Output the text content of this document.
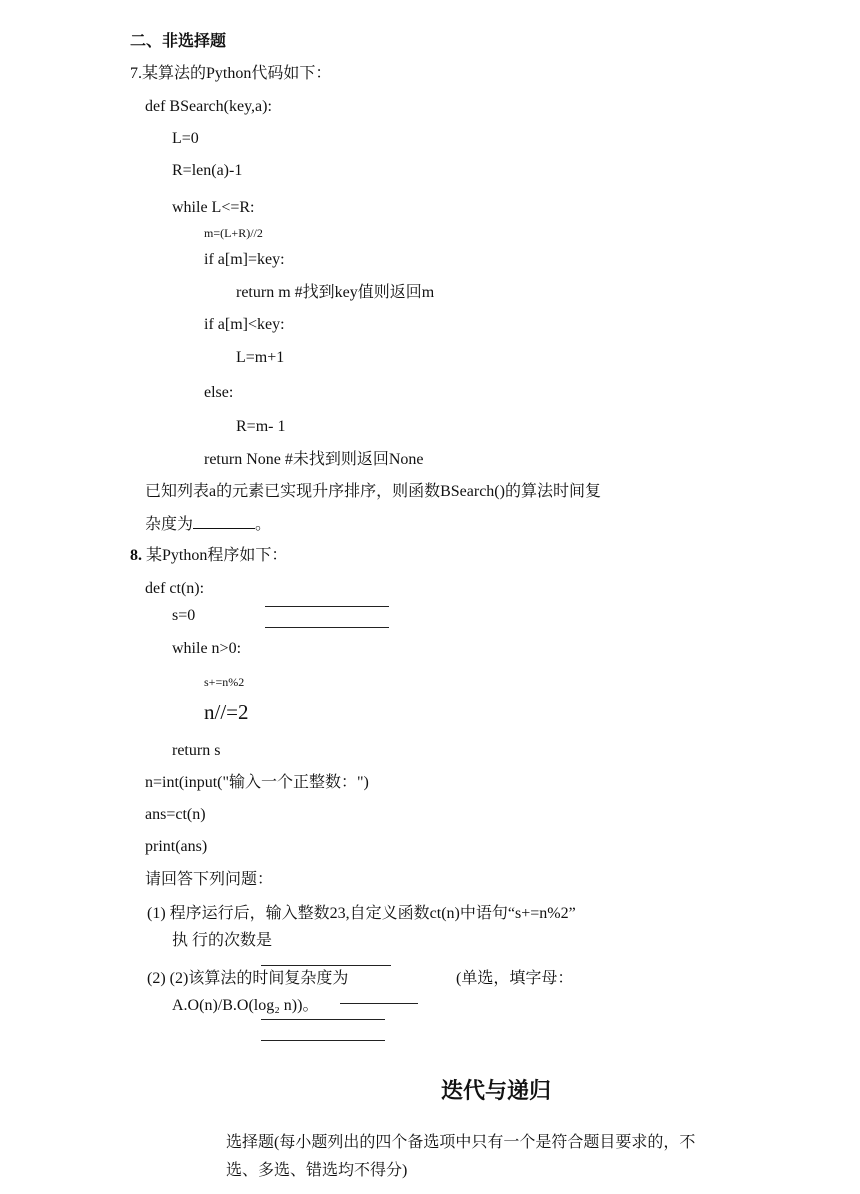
二、非选择题
7.某算法的Python代码如下：
def BSearch(key,a):
L=0
R=len(a)-1
while L<=R:
m=(L+R)//2
if a[m]=key:
return m #找到key值则返回m
if a[m]<key:
L=m+1
else:
R=m- 1
return None #未找到则返回None
已知列表a的元素已实现升序排序，则函数BSearch()的算法时间复
杂度为	。
8. 某Python程序如下：
def ct(n):
s=0
while n>0:
s+=n%2
n//=2
return s
n=int(input("输入一个正整数：")
ans=ct(n)
print(ans)
请回答下列问题：
(1) 程序运行后，输入整数23,自定义函数ct(n)中语句“s+=n%2”
执 行的次数是
(2) (2)该算法的时间复杂度为	(单选，填字母：
A.O(n)/B.O(log₂ n))。
迭代与递归
选择题(每小题列出的四个备选项中只有一个是符合题目要求的，不
选、多选、错选均不得分)
